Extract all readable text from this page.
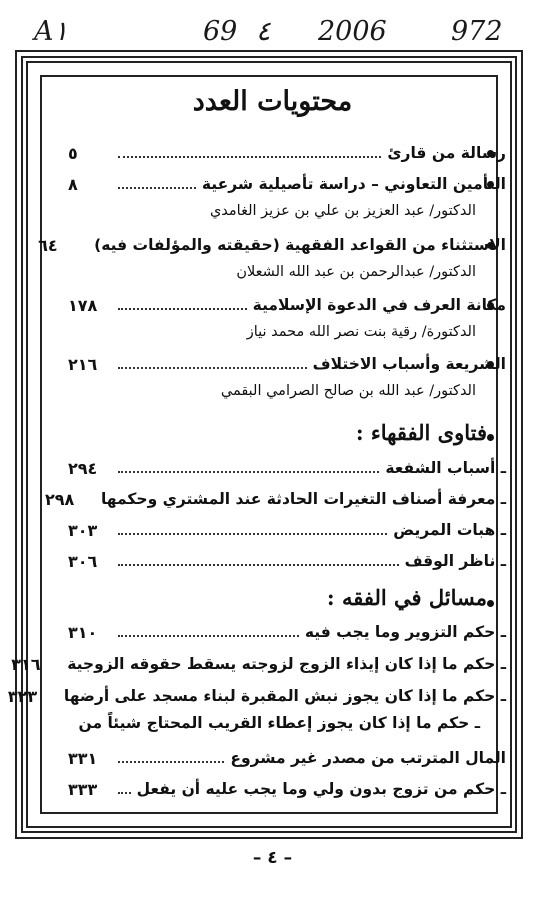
A١	69 ٤ 2006 972
محتويات العدد
رسالة من قارئ
٥
التأمين التعاوني – دراسة تأصيلية شرعية
٨
الدكتور/ عبد العزيز بن علي بن عزيز الغامدي
الاستثناء من القواعد الفقهية (حقيقته والمؤلفات فيه)
٦٤
الدكتور/ عبدالرحمن بن عبد الله الشعلان
مكانة العرف في الدعوة الإسلامية
١٧٨
الدكتورة/ رقية بنت نصر الله محمد نياز
الشريعة وأسباب الاختلاف
٢١٦
الدكتور/ عبد الله بن صالح الصرامي البقمي
فتاوى الفقهاء :
ـ أسباب الشفعة
٢٩٤
ـ معرفة أصناف التغيرات الحادثة عند المشتري وحكمها
٢٩٨
ـ هبات المريض
٣٠٣
ـ ناظر الوقف
٣٠٦
مسائل في الفقه :
ـ حكم التزوير وما يجب فيه
٣١٠
ـ حكم ما إذا كان إيذاء الزوج لزوجته يسقط حقوقه الزوجية
٣١٦
ـ حكم ما إذا كان يجوز نبش المقبرة لبناء مسجد على أرضها
٣٢٣
ـ حكم ما إذا كان يجوز إعطاء القريب المحتاج شيئاً من
المال المترتب من مصدر غير مشروع
٣٣١
ـ حكم من تزوج بدون ولي وما يجب عليه أن يفعل
٣٣٣
– ٤ –
